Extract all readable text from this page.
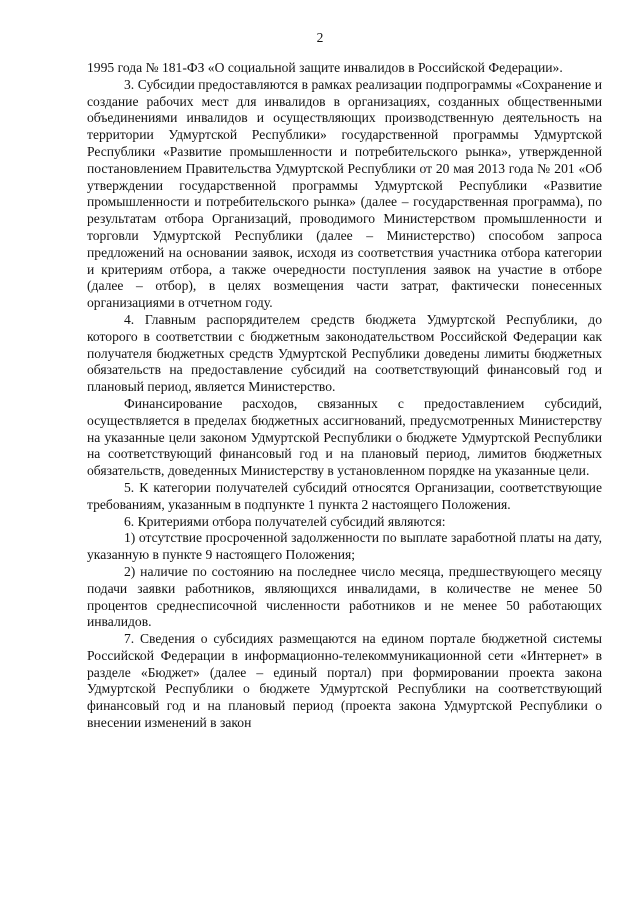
2

1995 года № 181-ФЗ «О социальной защите инвалидов в Российской Федерации».

3. Субсидии предоставляются в рамках реализации подпрограммы «Сохранение и создание рабочих мест для инвалидов в организациях, созданных общественными объединениями инвалидов и осуществляющих производственную деятельность на территории Удмуртской Республики» государственной программы Удмуртской Республики «Развитие промышленности и потребительского рынка», утвержденной постановлением Правительства Удмуртской Республики от 20 мая 2013 года № 201 «Об утверждении государственной программы Удмуртской Республики «Развитие промышленности и потребительского рынка» (далее – государственная программа), по результатам отбора Организаций, проводимого Министерством промышленности и торговли Удмуртской Республики (далее – Министерство) способом запроса предложений на основании заявок, исходя из соответствия участника отбора категории и критериям отбора, а также очередности поступления заявок на участие в отборе (далее – отбор), в целях возмещения части затрат, фактически понесенных организациями в отчетном году.

4. Главным распорядителем средств бюджета Удмуртской Республики, до которого в соответствии с бюджетным законодательством Российской Федерации как получателя бюджетных средств Удмуртской Республики доведены лимиты бюджетных обязательств на предоставление субсидий на соответствующий финансовый год и плановый период, является Министерство.

Финансирование расходов, связанных с предоставлением субсидий, осуществляется в пределах бюджетных ассигнований, предусмотренных Министерству на указанные цели законом Удмуртской Республики о бюджете Удмуртской Республики на соответствующий финансовый год и на плановый период, лимитов бюджетных обязательств, доведенных Министерству в установленном порядке на указанные цели.

5. К категории получателей субсидий относятся Организации, соответствующие требованиям, указанным в подпункте 1 пункта 2 настоящего Положения.

6. Критериями отбора получателей субсидий являются:

1) отсутствие просроченной задолженности по выплате заработной платы на дату, указанную в пункте 9 настоящего Положения;

2) наличие по состоянию на последнее число месяца, предшествующего месяцу подачи заявки работников, являющихся инвалидами, в количестве не менее 50 процентов среднесписочной численности работников и не менее 50 работающих инвалидов.

7. Сведения о субсидиях размещаются на едином портале бюджетной системы Российской Федерации в информационно-телекоммуникационной сети «Интернет» в разделе «Бюджет» (далее – единый портал) при формировании проекта закона Удмуртской Республики о бюджете Удмуртской Республики на соответствующий финансовый год и на плановый период (проекта закона Удмуртской Республики о внесении изменений в закон
